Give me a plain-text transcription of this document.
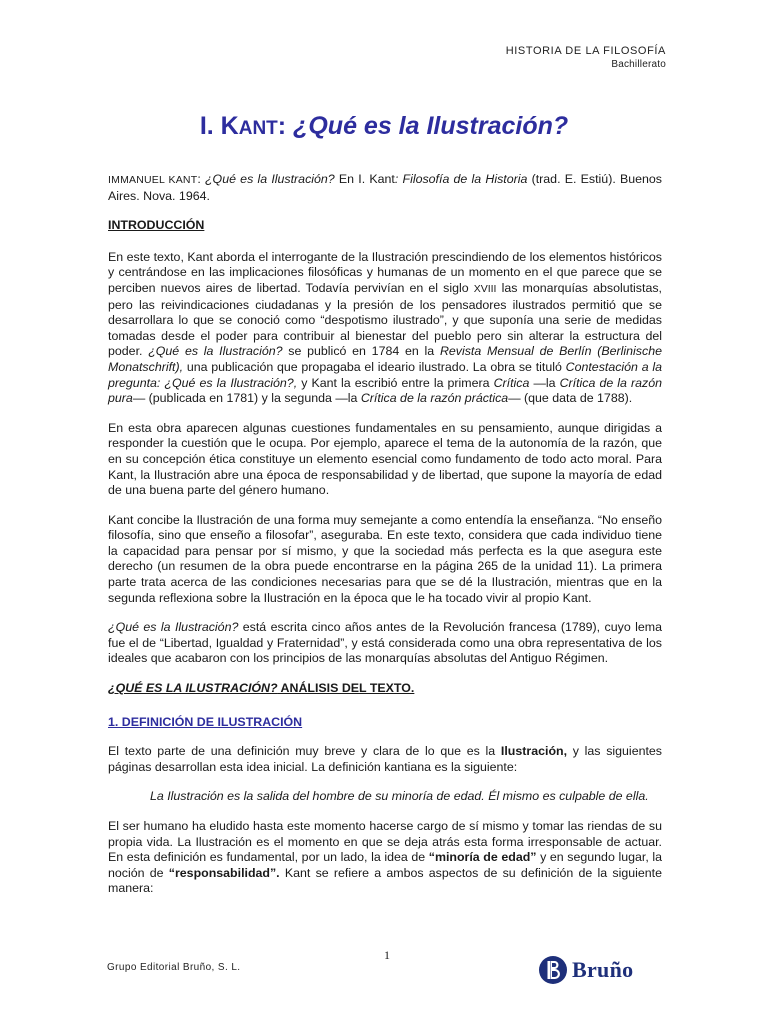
HISTORIA DE LA FILOSOFÍA
Bachillerato
I. KANT: ¿Qué es la Ilustración?

IMMANUEL KANT: ¿Qué es la Ilustración? En I. Kant: Filosofía de la Historia (trad. E. Estiú). Buenos Aires. Nova. 1964.

INTRODUCCIÓN

En este texto, Kant aborda el interrogante de la Ilustración prescindiendo de los elementos históricos y centrándose en las implicaciones filosóficas y humanas de un momento en el que parece que se perciben nuevos aires de libertad. Todavía pervivían en el siglo XVIII las monarquías absolutistas, pero las reivindicaciones ciudadanas y la presión de los pensadores ilustrados permitió que se desarrollara lo que se conoció como “despotismo ilustrado”, y que suponía una serie de medidas tomadas desde el poder para contribuir al bienestar del pueblo pero sin alterar la estructura del poder. ¿Qué es la Ilustración? se publicó en 1784 en la Revista Mensual de Berlín (Berlinische Monatschrift), una publicación que propagaba el ideario ilustrado. La obra se tituló Contestación a la pregunta: ¿Qué es la Ilustración?, y Kant la escribió entre la primera Crítica —la Crítica de la razón pura— (publicada en 1781) y la segunda —la Crítica de la razón práctica— (que data de 1788).

En esta obra aparecen algunas cuestiones fundamentales en su pensamiento, aunque dirigidas a responder la cuestión que le ocupa. Por ejemplo, aparece el tema de la autonomía de la razón, que en su concepción ética constituye un elemento esencial como fundamento de todo acto moral. Para Kant, la Ilustración abre una época de responsabilidad y de libertad, que supone la mayoría de edad de una buena parte del género humano.

Kant concibe la Ilustración de una forma muy semejante a como entendía la enseñanza. “No enseño filosofía, sino que enseño a filosofar”, aseguraba. En este texto, considera que cada individuo tiene la capacidad para pensar por sí mismo, y que la sociedad más perfecta es la que asegura este derecho (un resumen de la obra puede encontrarse en la página 265 de la unidad 11). La primera parte trata acerca de las condiciones necesarias para que se dé la Ilustración, mientras que en la segunda reflexiona sobre la Ilustración en la época que le ha tocado vivir al propio Kant.

¿Qué es la Ilustración? está escrita cinco años antes de la Revolución francesa (1789), cuyo lema fue el de “Libertad, Igualdad y Fraternidad”, y está considerada como una obra representativa de los ideales que acabaron con los principios de las monarquías absolutas del Antiguo Régimen.

¿QUÉ ES LA ILUSTRACIÓN? ANÁLISIS DEL TEXTO.
1. DEFINICIÓN DE ILUSTRACIÓN

El texto parte de una definición muy breve y clara de lo que es la Ilustración, y las siguientes páginas desarrollan esta idea inicial. La definición kantiana es la siguiente:

La Ilustración es la salida del hombre de su minoría de edad. Él mismo es culpable de ella.

El ser humano ha eludido hasta este momento hacerse cargo de sí mismo y tomar las riendas de su propia vida. La Ilustración es el momento en que se deja atrás esta forma irresponsable de actuar. En esta definición es fundamental, por un lado, la idea de “minoría de edad” y en segundo lugar, la noción de “responsabilidad”. Kant se refiere a ambos aspectos de su definición de la siguiente manera:

1
Grupo Editorial Bruño, S. L.	Bruño
